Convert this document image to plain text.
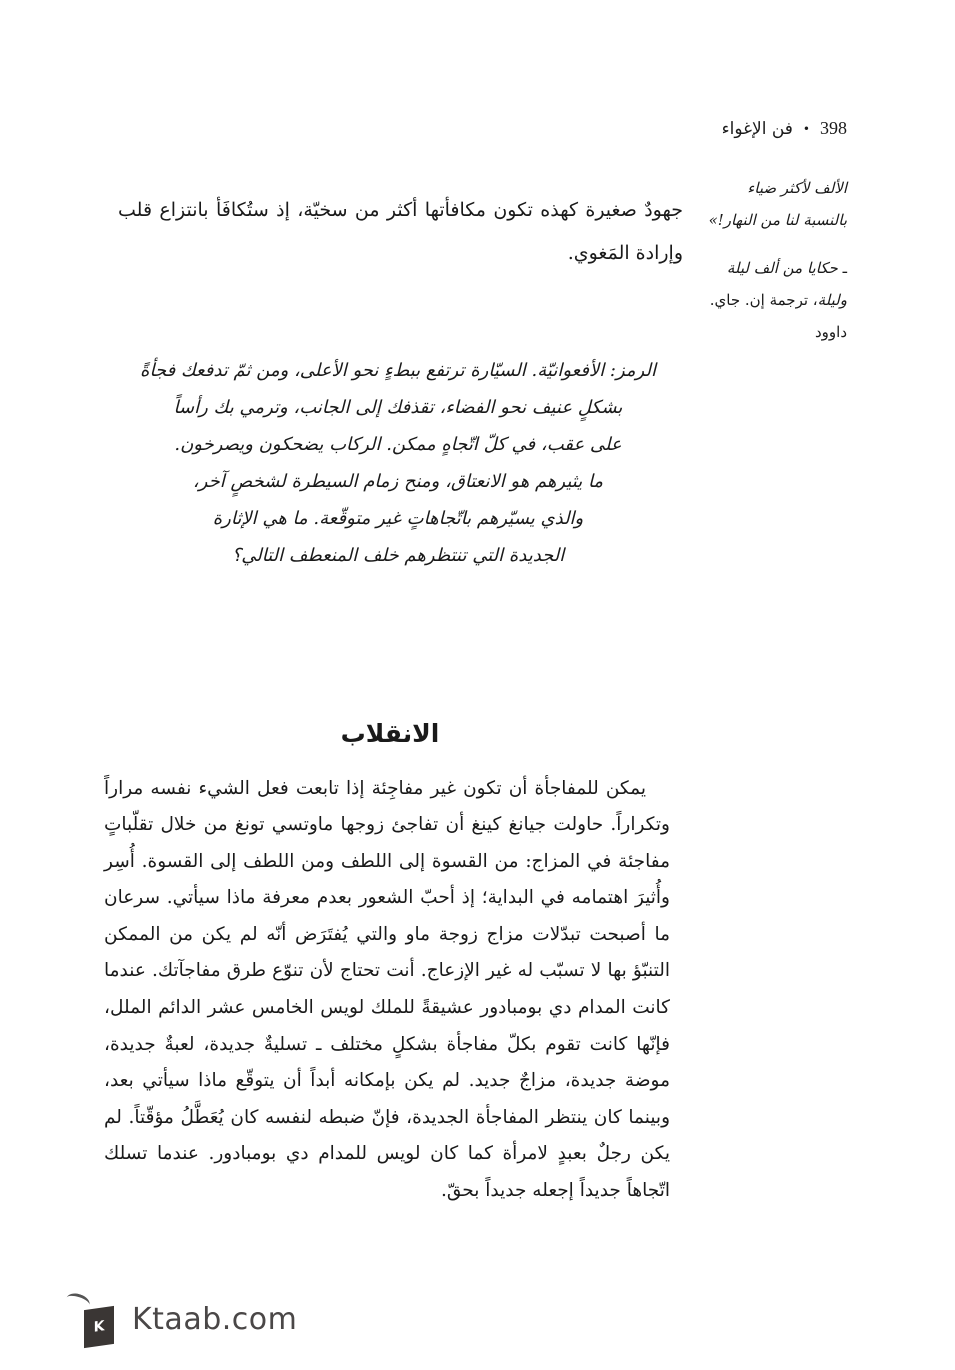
398
•
فن الإغواء
الألف لأكثر ضياء بالنسبة لنا من النهار!»
ـ حكايا من ألف ليلة وليلة، ترجمة إن. جاي. داوود

جهودٌ صغيرة كهذه تكون مكافأتها أكثر من سخيّة، إذ ستُكافَأ بانتزاع قلب وإرادة المَغوي.

الرمز: الأفعوانيّة. السيّارة ترتفع ببطءٍ نحو الأعلى، ومن ثمّ تدفعك فجأةً
بشكلٍ عنيف نحو الفضاء، تقذفك إلى الجانب، وترمي بك رأساً
على عقب، في كلّ اتّجاهٍ ممكن. الركاب يضحكون ويصرخون.
ما يثيرهم هو الانعتاق، ومنح زمام السيطرة لشخصٍ آخر،
والذي يسيّرهم باتّجاهاتٍ غير متوقّعة. ما هي الإثارة
الجديدة التي تنتظرهم خلف المنعطف التالي؟
الانقلاب

يمكن للمفاجأة أن تكون غير مفاجِئة إذا تابعت فعل الشيء نفسه مراراً وتكراراً. حاولت جيانغ كينغ أن تفاجئ زوجها ماوتسي تونغ من خلال تقلّباتٍ مفاجئة في المزاج: من القسوة إلى اللطف ومن اللطف إلى القسوة. أُسِر وأُثيرَ اهتمامه في البداية؛ إذ أحبّ الشعور بعدم معرفة ماذا سيأتي. سرعان ما أصبحت تبدّلات مزاج زوجة ماو والتي يُفتَرَض أنّه لم يكن من الممكن التنبّؤ بها لا تسبّب له غير الإزعاج. أنت تحتاج لأن تنوّع طرق مفاجآتك. عندما كانت المدام دي بومبادور عشيقةً للملك لويس الخامس عشر الدائم الملل، فإنّها كانت تقوم بكلّ مفاجأة بشكلٍ مختلف ـ تسليةٌ جديدة، لعبةٌ جديدة، موضة جديدة، مزاجٌ جديد. لم يكن بإمكانه أبداً أن يتوقّع ماذا سيأتي بعد، وبينما كان ينتظر المفاجأة الجديدة، فإنّ ضبطه لنفسه كان يُعَطَّلُ مؤقّتاً. لم يكن رجلٌ بعبدٍ لامرأة كما كان لويس للمدام دي بومبادور. عندما تسلك اتّجاهاً جديداً إجعله جديداً بحقّ.

K Ktaab.com
